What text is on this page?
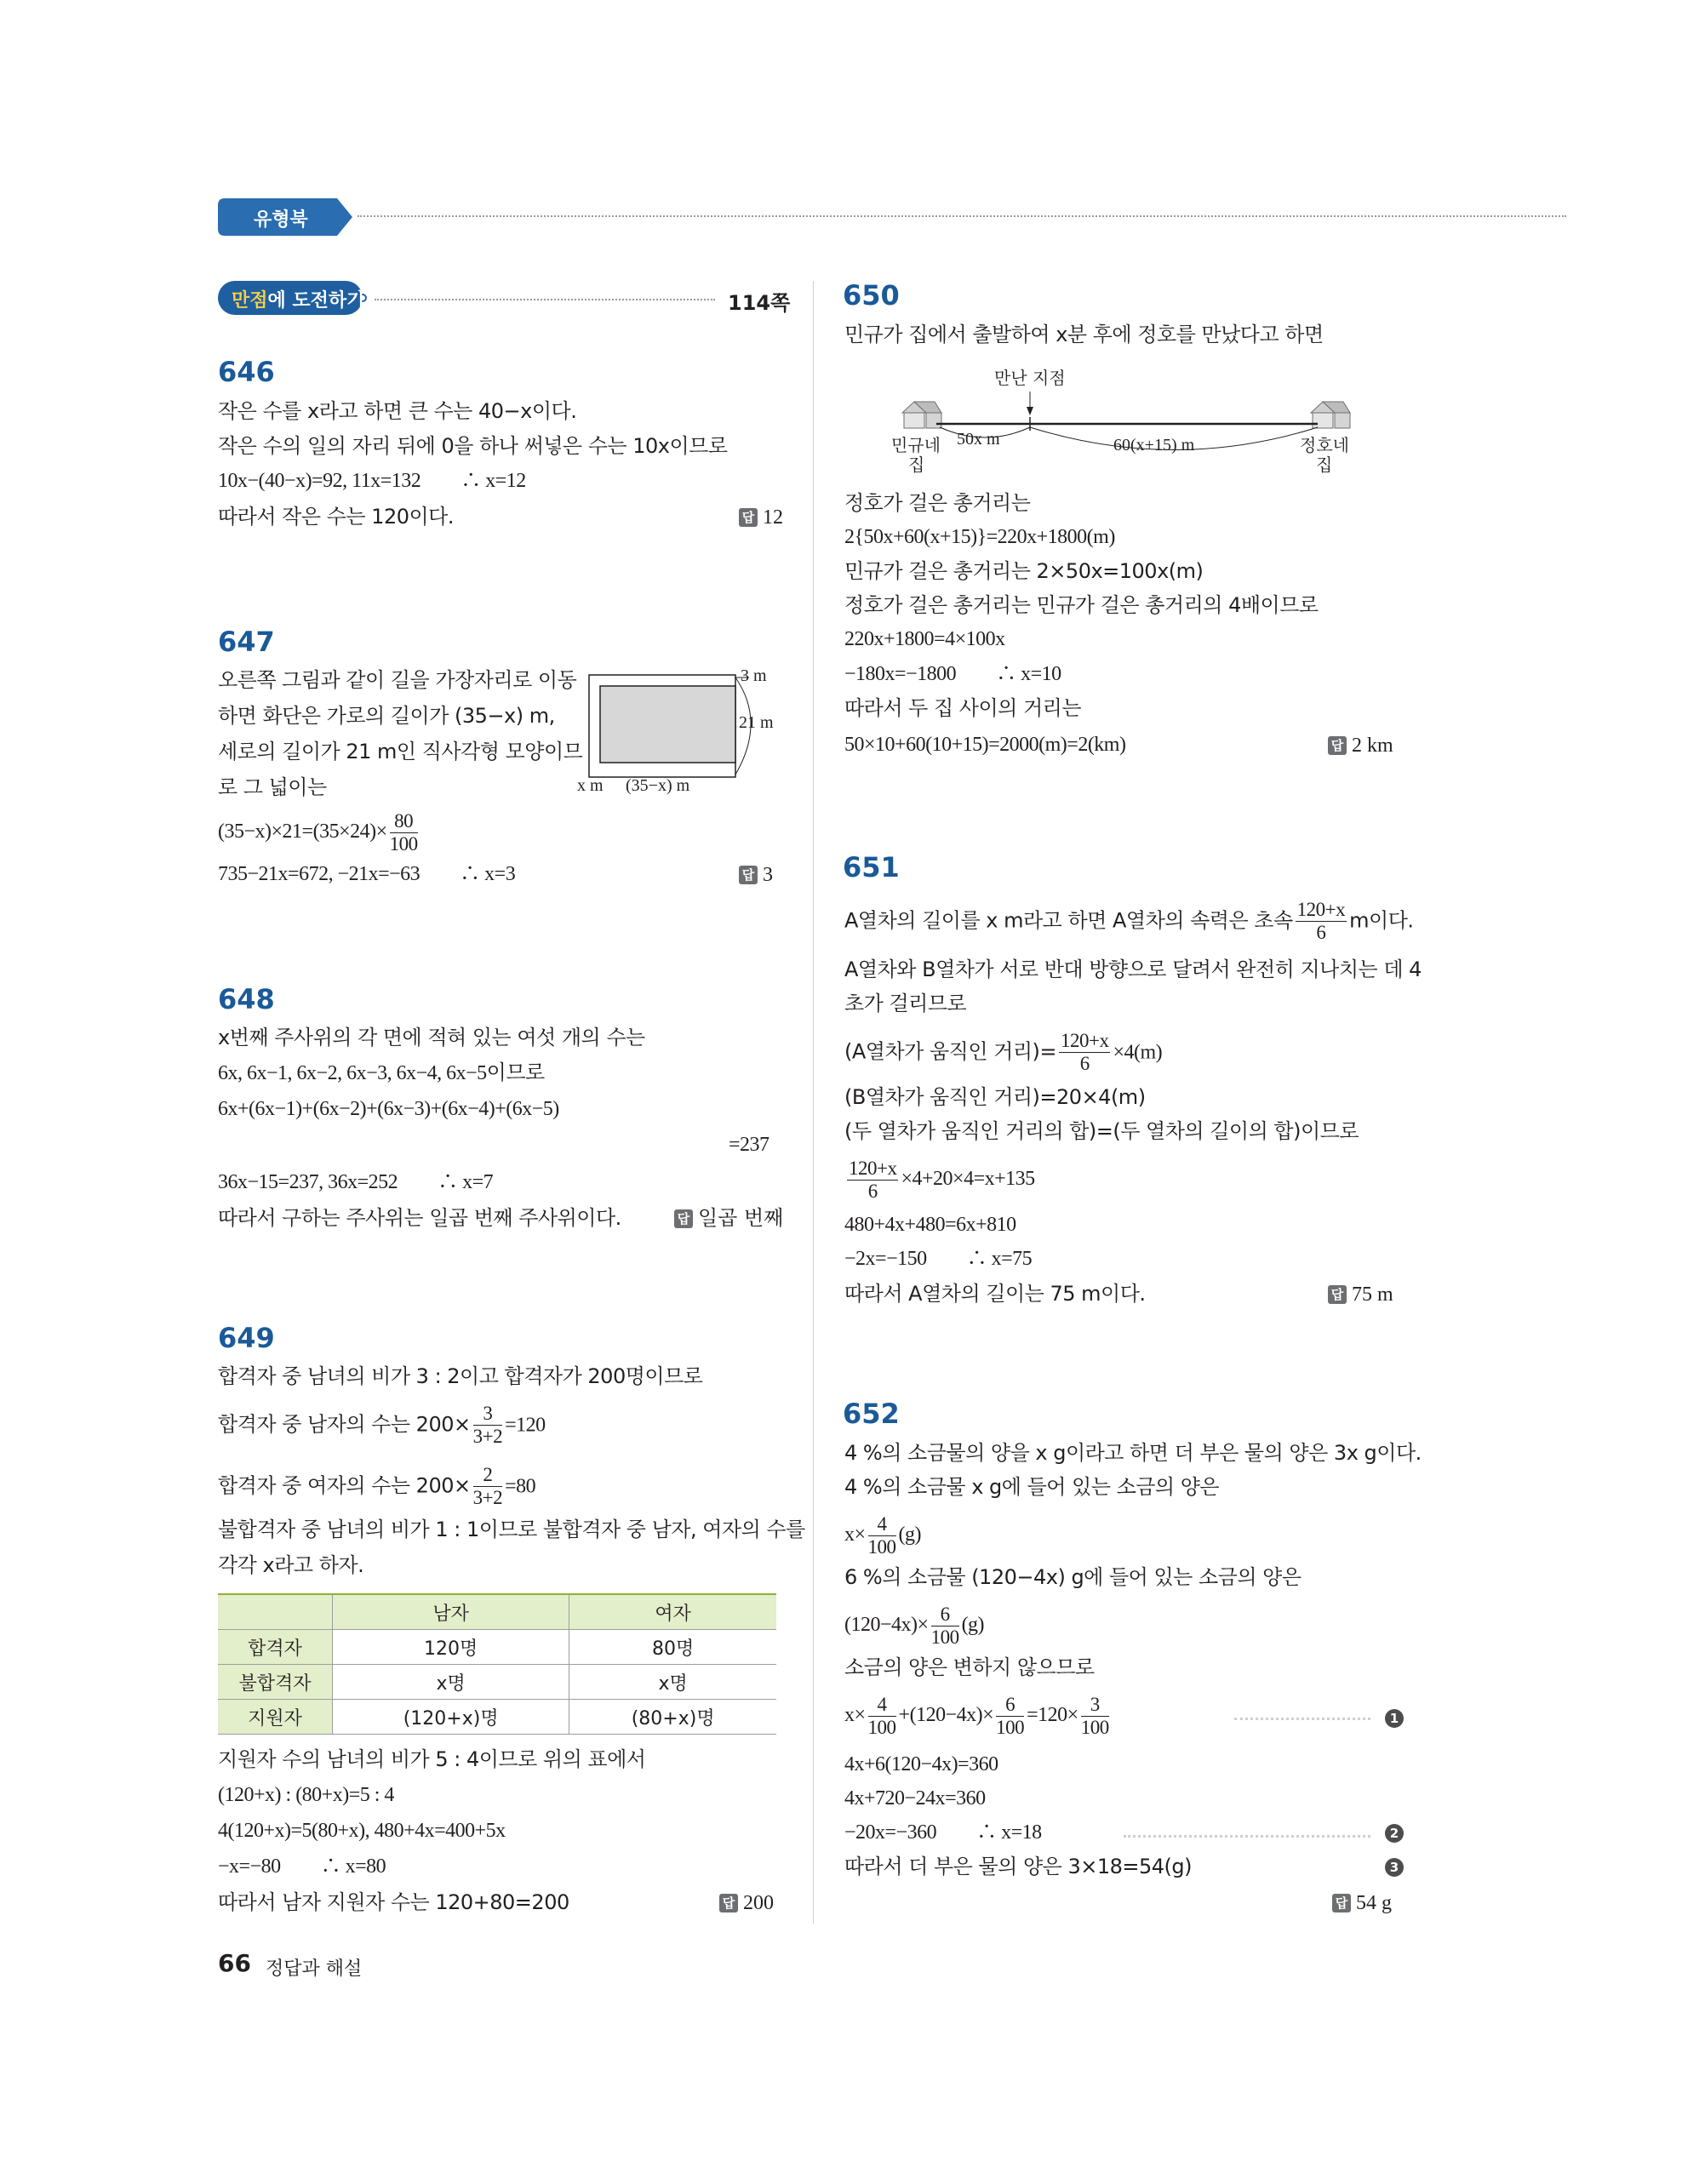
유형북
만점에 도전하기	114쪽
646
작은 수를 x라고 하면 큰 수는 40−x이다.
작은 수의 일의 자리 뒤에 0을 하나 써넣은 수는 10x이므로
10x−(40−x)=92, 11x=132　　∴ x=12
따라서 작은 수는 120이다.	답 12
647
오른쪽 그림과 같이 길을 가장자리로 이동
하면 화단은 가로의 길이가 (35−x) m,
세로의 길이가 21 m인 직사각형 모양이므
로 그 넓이는
3 m
21 m
x m (35−x) m
$(35-x)\times 21=(35\times 24)\times \frac{80}{100}$
735−21x=672, −21x=−63　　∴ x=3	답 3
648
x번째 주사위의 각 면에 적혀 있는 여섯 개의 수는
6x, 6x−1, 6x−2, 6x−3, 6x−4, 6x−5이므로
6x+(6x−1)+(6x−2)+(6x−3)+(6x−4)+(6x−5)
=237
36x−15=237, 36x=252　　∴ x=7
따라서 구하는 주사위는 일곱 번째 주사위이다.	답 일곱 번째
649
합격자 중 남녀의 비가 3 : 2이고 합격자가 200명이므로
합격자 중 남자의 수는 $200\times \frac{3}{3+2} =120$
합격자 중 여자의 수는 $200\times \frac{2}{3+2} =80$
불합격자 중 남녀의 비가 1 : 1이므로 불합격자 중 남자, 여자의 수를
각각 x라고 하자.
	남자	여자
합격자	120명	80명
불합격자	x명	x명
지원자	(120+x)명	(80+x)명
지원자 수의 남녀의 비가 5 : 4이므로 위의 표에서
(120+x) : (80+x)=5 : 4
4(120+x)=5(80+x), 480+4x=400+5x
−x=−80　　∴ x=80
따라서 남자 지원자 수는 120+80=200	답 200
650
민규가 집에서 출발하여 x분 후에 정호를 만났다고 하면
만난 지점
민규네
집
50x m	60(x+15) m	정호네
집
정호가 걸은 총거리는
2{50x+60(x+15)}=220x+1800(m)
민규가 걸은 총거리는 2×50x=100x(m)
정호가 걸은 총거리는 민규가 걸은 총거리의 4배이므로
220x+1800=4×100x
−180x=−1800　　∴ x=10
따라서 두 집 사이의 거리는
50×10+60(10+15)=2000(m)=2(km)	답 2 km
651
A열차의 길이를 x m라고 하면 A열차의 속력은 초속 $\frac{120+x}{6}$ m이다.
A열차와 B열차가 서로 반대 방향으로 달려서 완전히 지나치는 데 4
초가 걸리므로
(A열차가 움직인 거리)= $\frac{120+x}{6} \times 4(m)$
(B열차가 움직인 거리)=20×4(m)
(두 열차가 움직인 거리의 합)=(두 열차의 길이의 합)이므로
$\frac{120+x}{6} \times 4+20\times 4=x+135$
480+4x+480=6x+810
−2x=−150　　∴ x=75
따라서 A열차의 길이는 75 m이다.	답 75 m
652
4 %의 소금물의 양을 x g이라고 하면 더 부은 물의 양은 3x g이다.
4 %의 소금물 x g에 들어 있는 소금의 양은
$x\times \frac{4}{100} (g)$
6 %의 소금물 (120−4x) g에 들어 있는 소금의 양은
$(120-4x)\times \frac{6}{100} (g)$
소금의 양은 변하지 않으므로
$x\times \frac{4}{100} +(120-4x)\times \frac{6}{100} =120\times \frac{3}{100}$	1
4x+6(120−4x)=360
4x+720−24x=360
−20x=−360　　∴ x=18	2
따라서 더 부은 물의 양은 3×18=54(g)	3
답 54 g
66 정답과 해설
